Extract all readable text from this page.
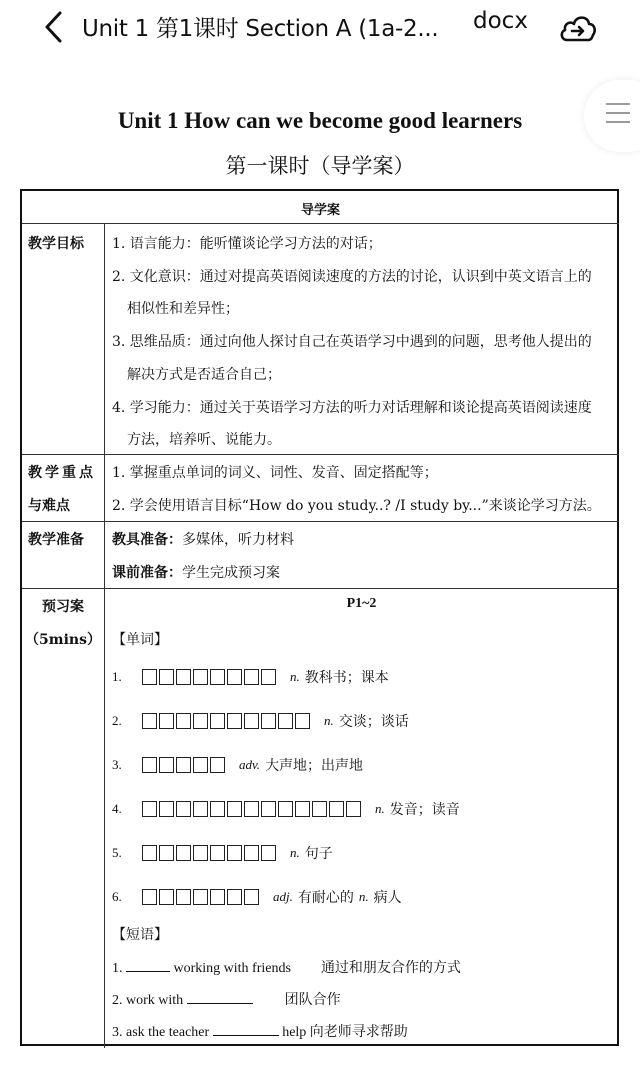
Unit 1 第1课时 Section A (1a-2... docx
Unit 1 How can we become good learners
第一课时（导学案）
导学案
教学目标 1. 语言能力：能听懂谈论学习方法的对话；
2. 文化意识：通过对提高英语阅读速度的方法的讨论，认识到中英文语言上的
相似性和差异性；
3. 思维品质：通过向他人探讨自己在英语学习中遇到的问题，思考他人提出的
解决方式是否适合自己；
4. 学习能力：通过关于英语学习方法的听力对话理解和谈论提高英语阅读速度
方法，培养听、说能力。
教学重点
与难点
1. 掌握重点单词的词义、词性、发音、固定搭配等；
2. 学会使用语言目标“How do you study..? /I study by...”来谈论学习方法。
教学准备 教具准备：多媒体，听力材料
课前准备：学生完成预习案
预习案
（5mins）
P1~2
【单词】
1.	n. 教科书；课本
2.	n. 交谈；谈话
3.	adv. 大声地；出声地
4.	n. 发音；读音
5.	n. 句子
6.	adj. 有耐心的 n. 病人
【短语】
1.	working with friends 通过和朋友合作的方式
2. work with	团队合作
3. ask the teacher	help 向老师寻求帮助
